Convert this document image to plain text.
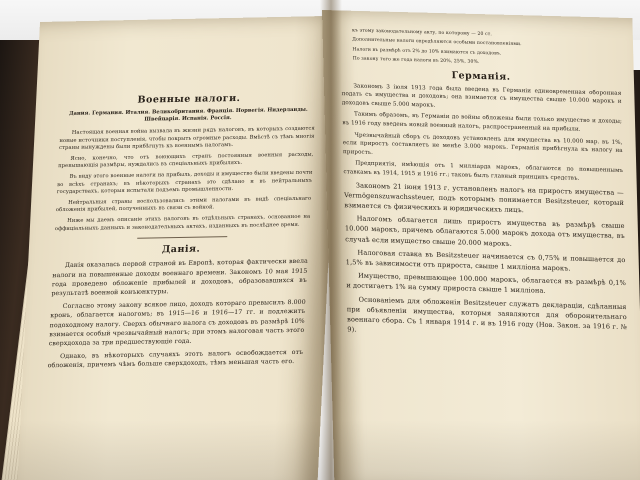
Военные налоги.
Дания. Германия. Италия. Великобритания. Франція. Норвегія. Нидерланды. Швейцарія. Испанія. Россія.

Настоящая военная война вызвала въ жизни рядъ налоговъ, въ которыхъ создаются новые источники поступленія, чтобы покрыть огромные расходы. Вмѣстѣ съ тѣмъ многія страны вынуждены были прибѣгнуть къ военнымъ налогамъ.

Ясно, конечно, что отъ воюющихъ странъ постоянныя военныя расходы, превышающія размѣры, нуждались въ спеціальныхъ прибыляхъ.

Въ виду этого военные налоги на прибыль, доходы и имущество были введены почти во всѣхъ странахъ; въ нѣкоторыхъ странахъ это сдѣлано и въ нейтральныхъ государствахъ, которыя испытали подъемъ промышленности.

Нейтральныя страны воспользовались этими налогами въ видѣ спеціальнаго обложенія прибылей, полученныхъ въ связи съ войной.

Ниже мы даемъ описаніе этихъ налоговъ въ отдѣльныхъ странахъ, основанное на оффиціальныхъ данныхъ и законодательныхъ актахъ, изданныхъ въ послѣднее время.

Данія.

Данія оказалась первой страной въ Европѣ, которая фактически ввела налоги на повышенные доходы военнаго времени. Закономъ 10 мая 1915 года проведено обложеніе прибылей и доходовъ, образовавшихся въ результатѣ военной конъюнктуры.

Согласно этому закону всякое лицо, доходъ котораго превысилъ 8.000 кронъ, облагается налогомъ; въ 1915—16 и 1916—17 гг. и подлежитъ подоходному налогу. Сверхъ обычнаго налога съ доходовъ въ размѣрѣ 10% взимается особый чрезвычайный налогъ; при этомъ налоговая часть этого сверхдохода за три предшествующіе года.

Однако, въ нѣкоторыхъ случаяхъ этотъ налогъ освобождается отъ обложенія, причемъ чѣмъ больше сверхдоходъ, тѣмъ меньшая часть его.

къ этому законодательному акту, по которому — 20 ст.

Дополнительные налоги опредѣляются особыми постановленіями.

Налоги въ размѣрѣ отъ 2% до 10% взимаются съ доходовъ.

По закону того же года налоги въ 20%, 25%, 30%.

Германія.

Закономъ 3 іюля 1913 года была введена въ Германіи единовременная оборонная подать съ имущества и доходовъ; она взимается съ имущества свыше 10.000 марокъ и доходовъ свыше 5.000 марокъ.

Такимъ образомъ, въ Германіи до войны обложены были только имущество и доходы; въ 1916 году введенъ новый военный налогъ, распространенный на прибыли.

Чрезвычайный сборъ съ доходовъ установленъ для имущества въ 10.000 мар. въ 1%, если приростъ составляетъ не менѣе 3.000 марокъ. Германія прибѣгнула къ налогу на прирость.

Предприятія, имѣющія отъ 1 милліарда марокъ, облагаются по повышеннымъ ставкамъ въ 1914, 1915 и 1916 гг.; таковъ былъ главный принципъ средствъ.

Закономъ 21 іюня 1913 г. установленъ налогъ на приростъ имущества — Vermögenszuwachssteuer, подъ которымъ понимается Besitzsteuer, который взимается съ физическихъ и юридическихъ лицъ.

Налогомъ облагается лишь приростъ имущества въ размѣрѣ свыше 10.000 марокъ, причемъ облагаются 5.000 марокъ дохода отъ имущества, въ случаѣ если имущество свыше 20.000 марокъ.

Налоговая ставка въ Besitzsteuer начинается съ 0,75% и повышается до 1,5% въ зависимости отъ прироста, свыше 1 милліона марокъ.

Имущество, превышающее 100.000 марокъ, облагается въ размѣрѣ 0,1% и достигаетъ 1% на сумму прироста свыше 1 милліона.

Основаніемъ для обложенія Besitzsteuer служатъ деклараціи, сдѣланныя при объявленіи имущества, которыя заявляются для оборонительнаго военнаго сбора. Съ 1 января 1914 г. и въ 1916 году (Нов. Закон. за 1916 г. № 9).
